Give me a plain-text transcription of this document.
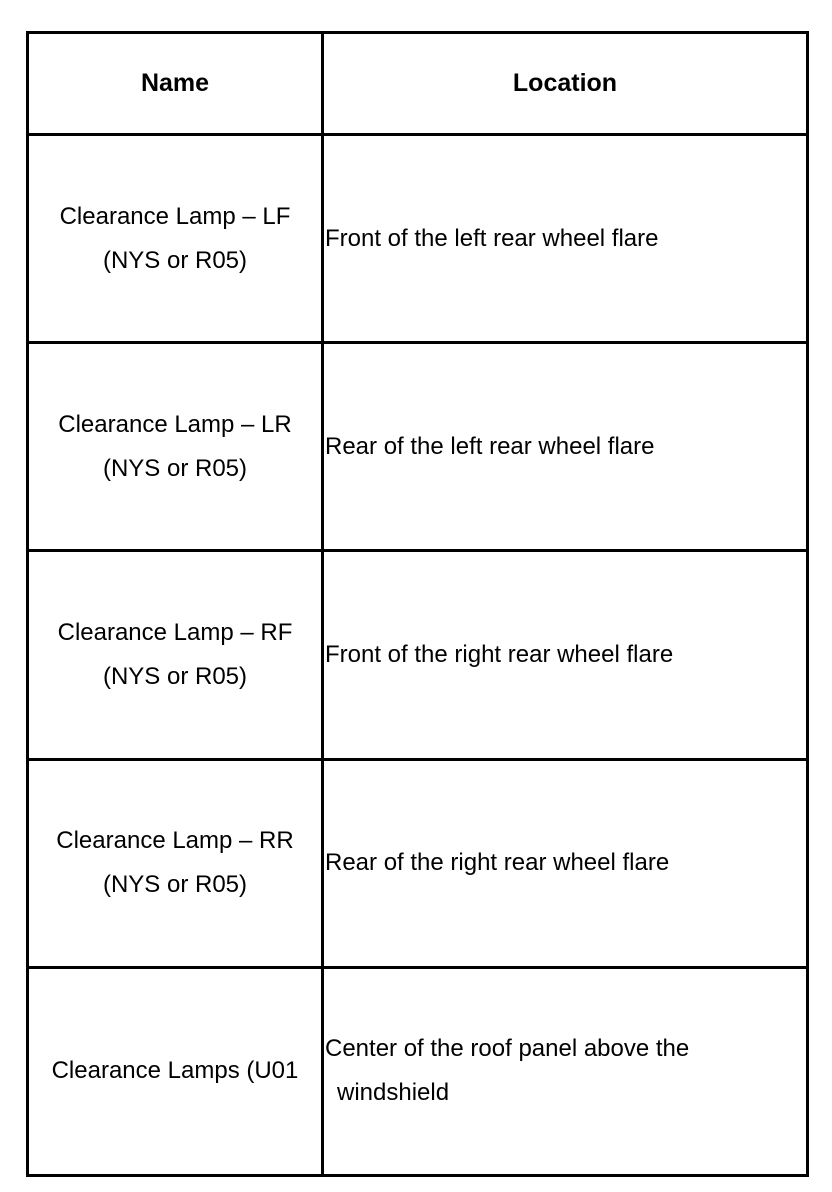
Name	Location

Clearance Lamp – LF
(NYS or R05)	Front of the left rear wheel flare

Clearance Lamp – LR
(NYS or R05)	Rear of the left rear wheel flare

Clearance Lamp – RF
(NYS or R05)	Front of the right rear wheel flare

Clearance Lamp – RR
(NYS or R05)	Rear of the right rear wheel flare

Clearance Lamps (U01	Center of the roof panel above the
windshield
